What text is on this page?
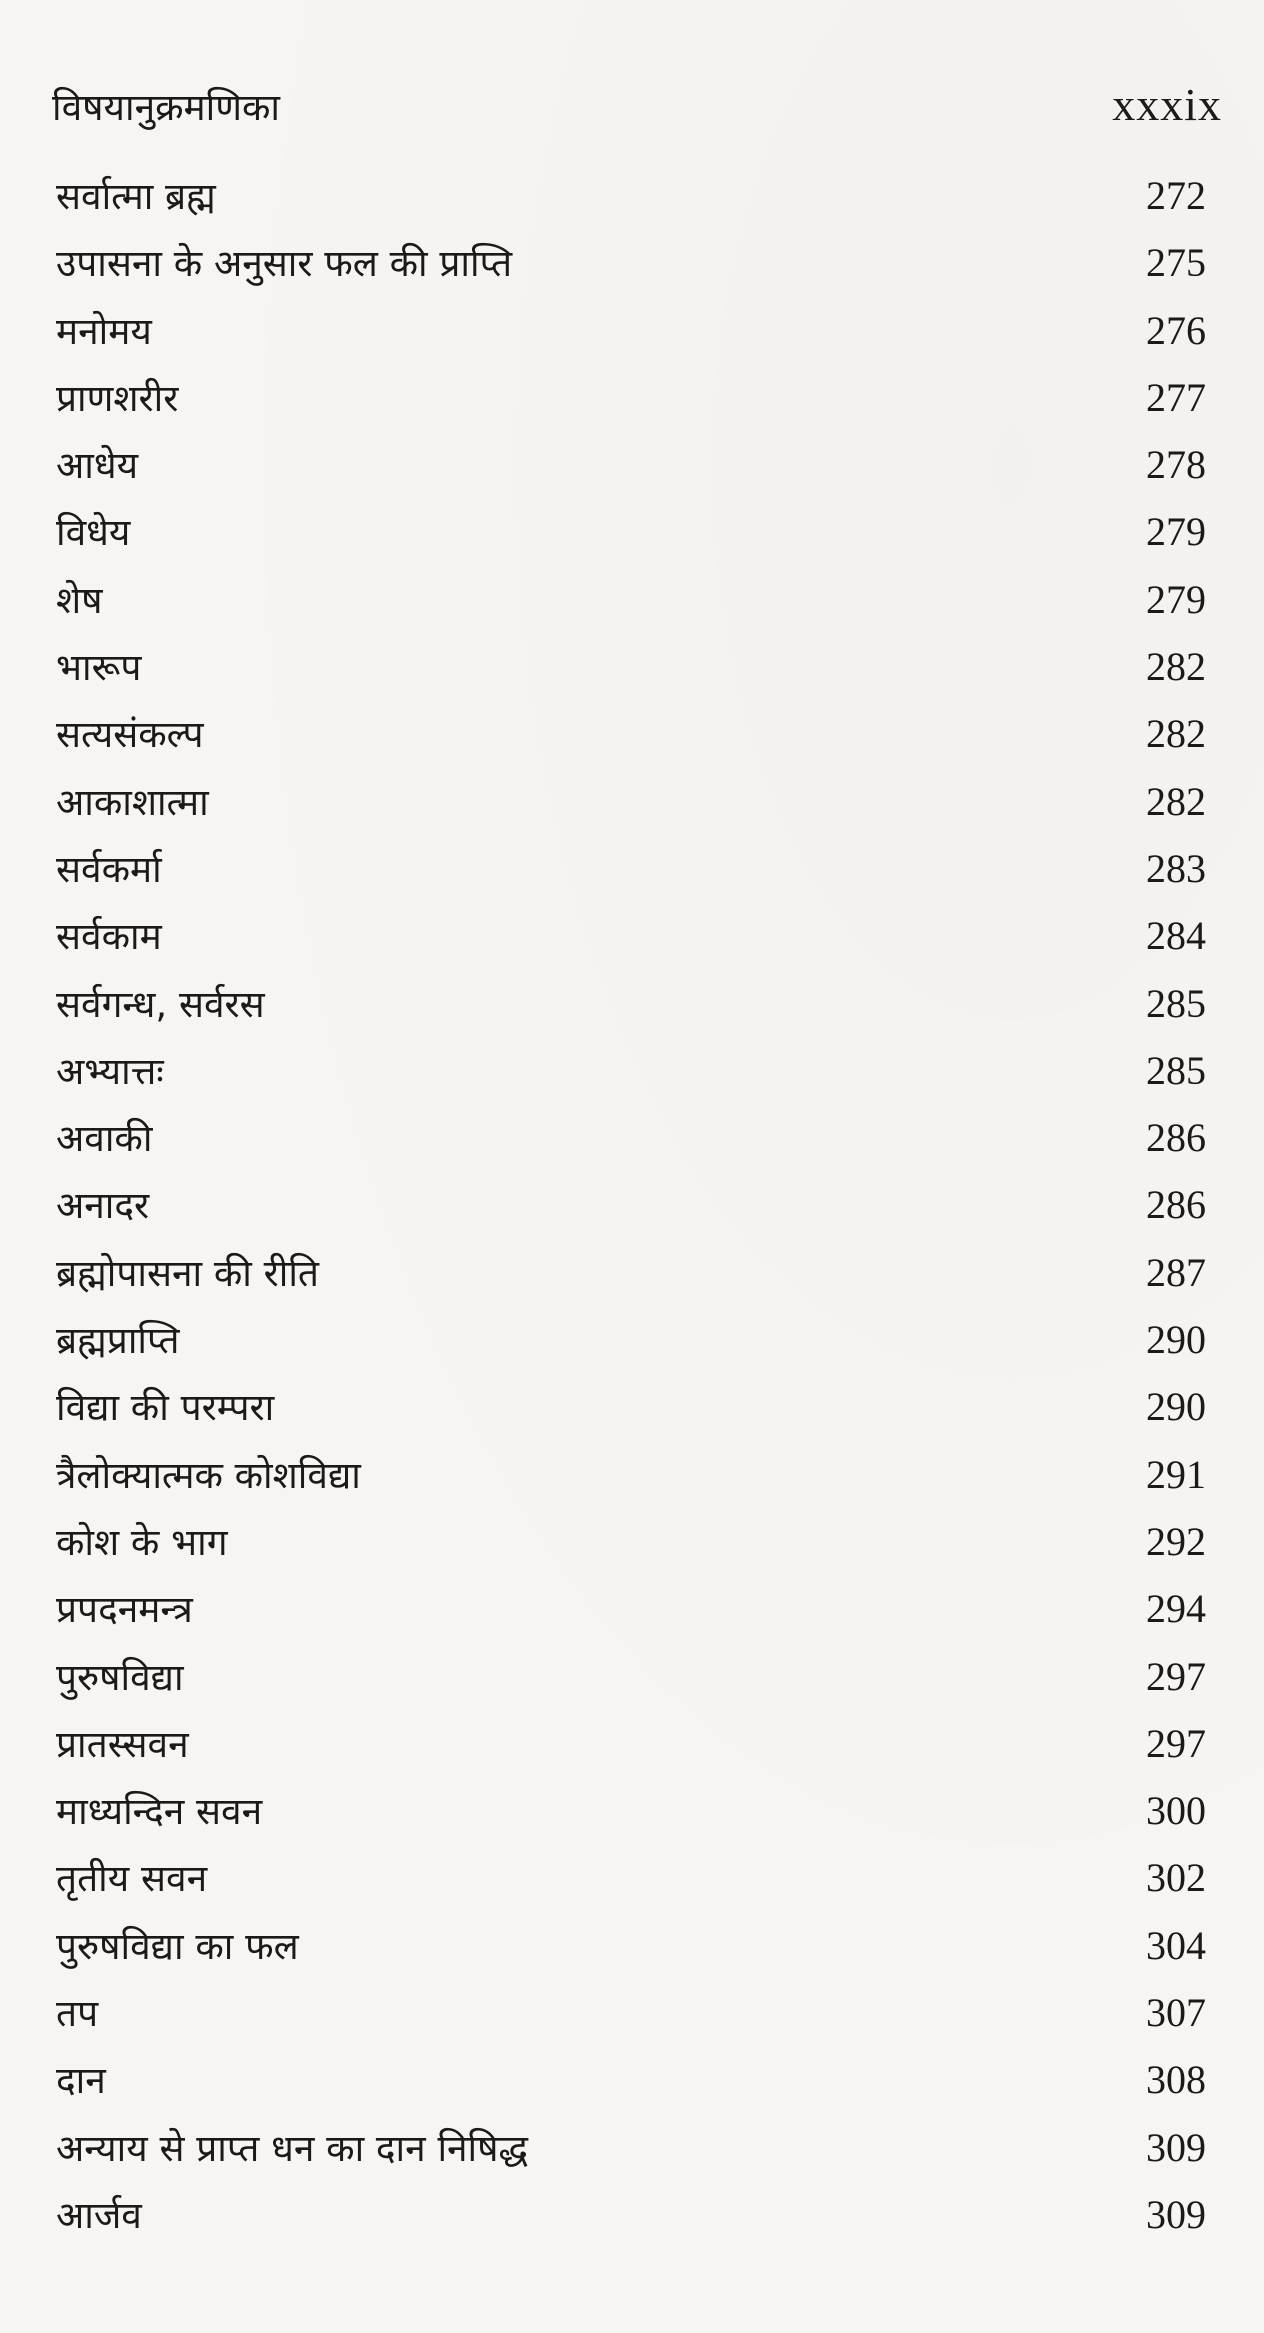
विषयानुक्रमणिका	xxxix
सर्वात्मा ब्रह्म	272
उपासना के अनुसार फल की प्राप्ति	275
मनोमय	276
प्राणशरीर	277
आधेय	278
विधेय	279
शेष	279
भारूप	282
सत्यसंकल्प	282
आकाशात्मा	282
सर्वकर्मा	283
सर्वकाम	284
सर्वगन्ध, सर्वरस	285
अभ्यात्तः	285
अवाकी	286
अनादर	286
ब्रह्मोपासना की रीति	287
ब्रह्मप्राप्ति	290
विद्या की परम्परा	290
त्रैलोक्यात्मक कोशविद्या	291
कोश के भाग	292
प्रपदनमन्त्र	294
पुरुषविद्या	297
प्रातस्सवन	297
माध्यन्दिन सवन	300
तृतीय सवन	302
पुरुषविद्या का फल	304
तप	307
दान	308
अन्याय से प्राप्त धन का दान निषिद्ध	309
आर्जव	309
